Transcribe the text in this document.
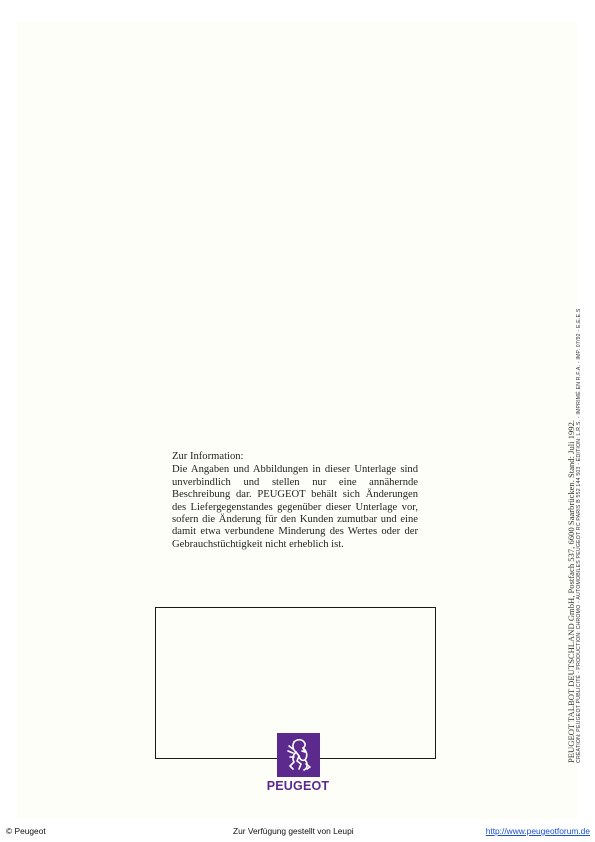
Zur Information:
Die Angaben und Abbildungen in dieser Unterlage sind unverbindlich und stellen nur eine annähernde Beschreibung dar. PEUGEOT behält sich Änderungen des Liefergegenstandes gegenüber dieser Unterlage vor, sofern die Änderung für den Kunden zumutbar und eine damit etwa verbundene Minderung des Wertes oder der Gebrauchstüchtigkeit nicht erheblich ist.
PEUGEOT
PEUGEOT TALBOT DEUTSCHLAND GmbH, Postfach 537, 6600 Saarbrücken. Stand: Juli 1992. CRÉATION: PEUGEOT PUBLICITÉ - PRODUCTION: CHROMO - AUTOMOBILES PEUGEOT RC PARIS B 552 144 503 - ÉDITION: L.R.S. - IMPRIMÉ EN R.F.A. - IMP. 07/92 - E.E.E.S
© Peugeot	Zur Verfügung gestellt von Leupi	http://www.peugeotforum.de
